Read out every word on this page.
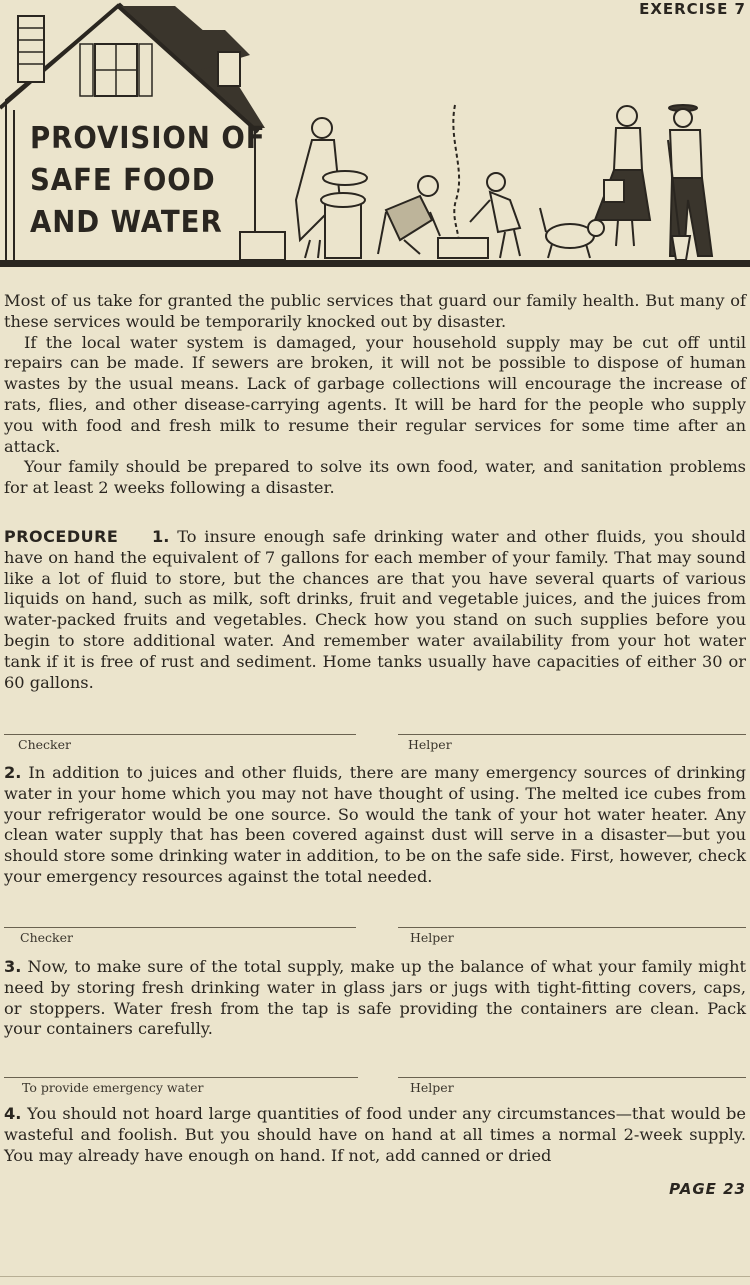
EXERCISE 7
PROVISION OF
SAFE FOOD
AND WATER

Most of us take for granted the public services that guard our family health. But many of these services would be temporarily knocked out by disaster.

If the local water system is damaged, your household supply may be cut off until repairs can be made. If sewers are broken, it will not be possible to dispose of human wastes by the usual means. Lack of garbage collections will encourage the increase of rats, flies, and other disease-carrying agents. It will be hard for the people who supply you with food and fresh milk to resume their regular services for some time after an attack.

Your family should be prepared to solve its own food, water, and sanitation problems for at least 2 weeks following a disaster.

PROCEDURE 1. To insure enough safe drinking water and other fluids, you should have on hand the equivalent of 7 gallons for each member of your family. That may sound like a lot of fluid to store, but the chances are that you have several quarts of various liquids on hand, such as milk, soft drinks, fruit and vegetable juices, and the juices from water-packed fruits and vegetables. Check how you stand on such supplies before you begin to store additional water. And remember water availability from your hot water tank if it is free of rust and sediment. Home tanks usually have capacities of either 30 or 60 gallons.

Checker	Helper

2. In addition to juices and other fluids, there are many emergency sources of drinking water in your home which you may not have thought of using. The melted ice cubes from your refrigerator would be one source. So would the tank of your hot water heater. Any clean water supply that has been covered against dust will serve in a disaster—but you should store some drinking water in addition, to be on the safe side. First, however, check your emergency resources against the total needed.

Checker	Helper

3. Now, to make sure of the total supply, make up the balance of what your family might need by storing fresh drinking water in glass jars or jugs with tight-fitting covers, caps, or stoppers. Water fresh from the tap is safe providing the containers are clean. Pack your containers carefully.

To provide emergency water	Helper

4. You should not hoard large quantities of food under any circumstances—that would be wasteful and foolish. But you should have on hand at all times a normal 2-week supply. You may already have enough on hand. If not, add canned or dried

PAGE 23
